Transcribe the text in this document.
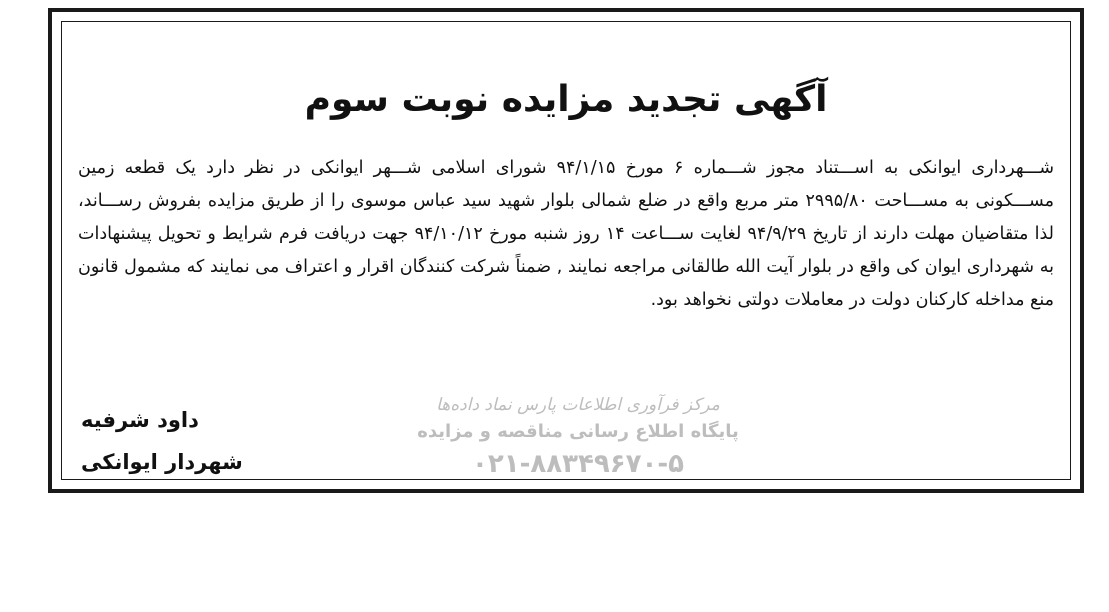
مرکز فرآوری اطلاعات پارس نماد داده‌ها
پایگاه اطلاع رسانی مناقصه و مزایده
۰۲۱-۸۸۳۴۹۶۷۰-۵
آگهی تجدید مزایده نوبت سوم

شـــهرداری ایوانکی به اســـتناد مجوز شـــماره ۶ مورخ ۹۴/۱/۱۵ شورای اسلامی شـــهر ایوانکی در نظر دارد یک قطعه زمین مســـکونی به مســـاحت ۲۹۹۵/۸۰ متر مربع واقع در ضلع شمالی بلوار شهید سید عباس موسوی را از طریق مزایده بفروش رســـاند، لذا متقاضیان مهلت دارند از تاریخ ۹۴/۹/۲۹ لغایت ســـاعت ۱۴ روز شنبه مورخ ۹۴/۱۰/۱۲ جهت دریافت فرم شرایط و تحویل پیشنهادات به شهرداری ایوان کی واقع در بلوار آیت الله طالقانی مراجعه نمایند , ضمناً شرکت کنندگان اقرار و اعتراف می نمایند که مشمول قانون منع مداخله کارکنان دولت در معاملات دولتی نخواهد بود.

داود شرفیه
شهردار ایوانکی
